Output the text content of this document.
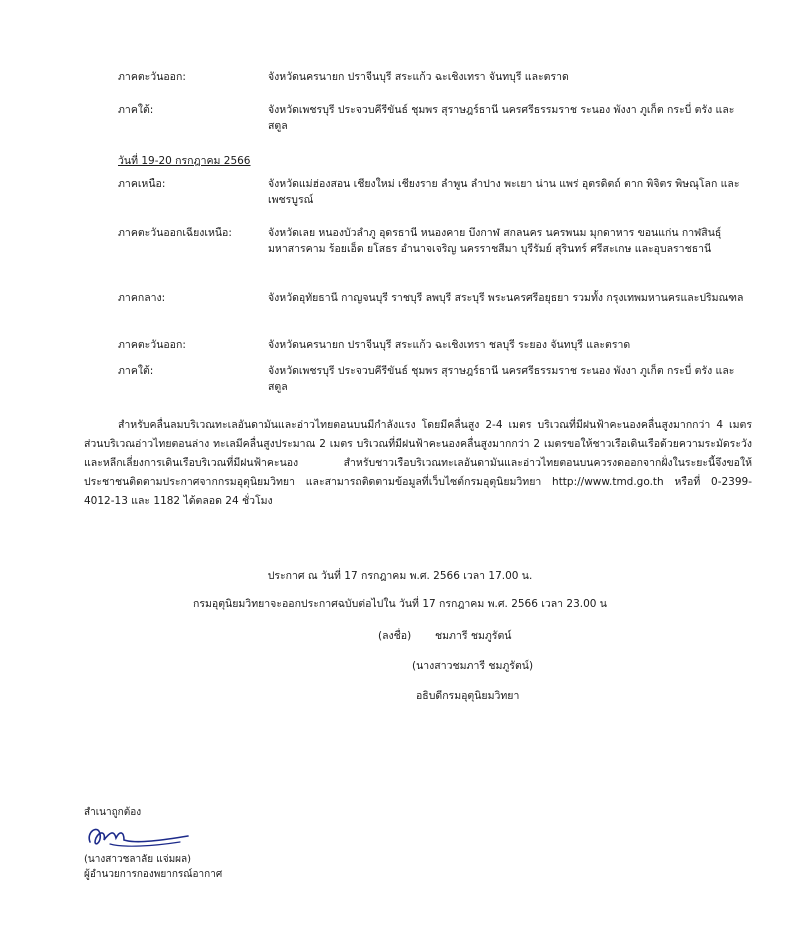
ภาคตะวันออก:	จังหวัดนครนายก ปราจีนบุรี สระแก้ว ฉะเชิงเทรา จันทบุรี และตราด
ภาคใต้:	จังหวัดเพชรบุรี ประจวบคีรีขันธ์ ชุมพร สุราษฎร์ธานี นครศรีธรรมราช ระนอง พังงา ภูเก็ต กระบี่ ตรัง และสตูล
วันที่ 19-20 กรกฎาคม 2566
ภาคเหนือ:	จังหวัดแม่ฮ่องสอน เชียงใหม่ เชียงราย ลำพูน ลำปาง พะเยา น่าน แพร่ อุตรดิตถ์ ตาก พิจิตร พิษณุโลก และเพชรบูรณ์
ภาคตะวันออกเฉียงเหนือ:	จังหวัดเลย หนองบัวลำภู อุดรธานี หนองคาย บึงกาฬ สกลนคร นครพนม มุกดาหาร ขอนแก่น กาฬสินธุ์ มหาสารคาม ร้อยเอ็ด ยโสธร อำนาจเจริญ นครราชสีมา บุรีรัมย์ สุรินทร์ ศรีสะเกษ และอุบลราชธานี
ภาคกลาง:	จังหวัดอุทัยธานี กาญจนบุรี ราชบุรี ลพบุรี สระบุรี พระนครศรีอยุธยา รวมทั้ง กรุงเทพมหานครและปริมณฑล
ภาคตะวันออก:	จังหวัดนครนายก ปราจีนบุรี สระแก้ว ฉะเชิงเทรา ชลบุรี ระยอง จันทบุรี และตราด
ภาคใต้:	จังหวัดเพชรบุรี ประจวบคีรีขันธ์ ชุมพร สุราษฎร์ธานี นครศรีธรรมราช ระนอง พังงา ภูเก็ต กระบี่ ตรัง และสตูล

สำหรับคลื่นลมบริเวณทะเลอันดามันและอ่าวไทยตอนบนมีกำลังแรง โดยมีคลื่นสูง 2-4 เมตร บริเวณที่มีฝนฟ้าคะนองคลื่นสูงมากกว่า 4 เมตร ส่วนบริเวณอ่าวไทยตอนล่าง ทะเลมีคลื่นสูงประมาณ 2 เมตร บริเวณที่มีฝนฟ้าคะนองคลื่นสูงมากกว่า 2 เมตรขอให้ชาวเรือเดินเรือด้วยความระมัดระวัง และหลีกเลี่ยงการเดินเรือบริเวณที่มีฝนฟ้าคะนอง สำหรับชาวเรือบริเวณทะเลอันดามันและอ่าวไทยตอนบนควรงดออกจากฝั่งในระยะนี้จึงขอให้ประชาชนติดตามประกาศจากกรมอุตุนิยมวิทยา และสามารถติดตามข้อมูลที่เว็บไซต์กรมอุตุนิยมวิทยา http://www.tmd.go.th หรือที่ 0-2399-4012-13 และ 1182 ได้ตลอด 24 ชั่วโมง

ประกาศ ณ วันที่ 17 กรกฎาคม พ.ศ. 2566 เวลา 17.00 น.
กรมอุตุนิยมวิทยาจะออกประกาศฉบับต่อไปใน วันที่ 17 กรกฎาคม พ.ศ. 2566 เวลา 23.00 น
(ลงชื่อ) ชมภารี ชมภูรัตน์
(นางสาวชมภารี ชมภูรัตน์)
อธิบดีกรมอุตุนิยมวิทยา
สำเนาถูกต้อง
(นางสาวชลาลัย แจ่มผล)
ผู้อำนวยการกองพยากรณ์อากาศ
